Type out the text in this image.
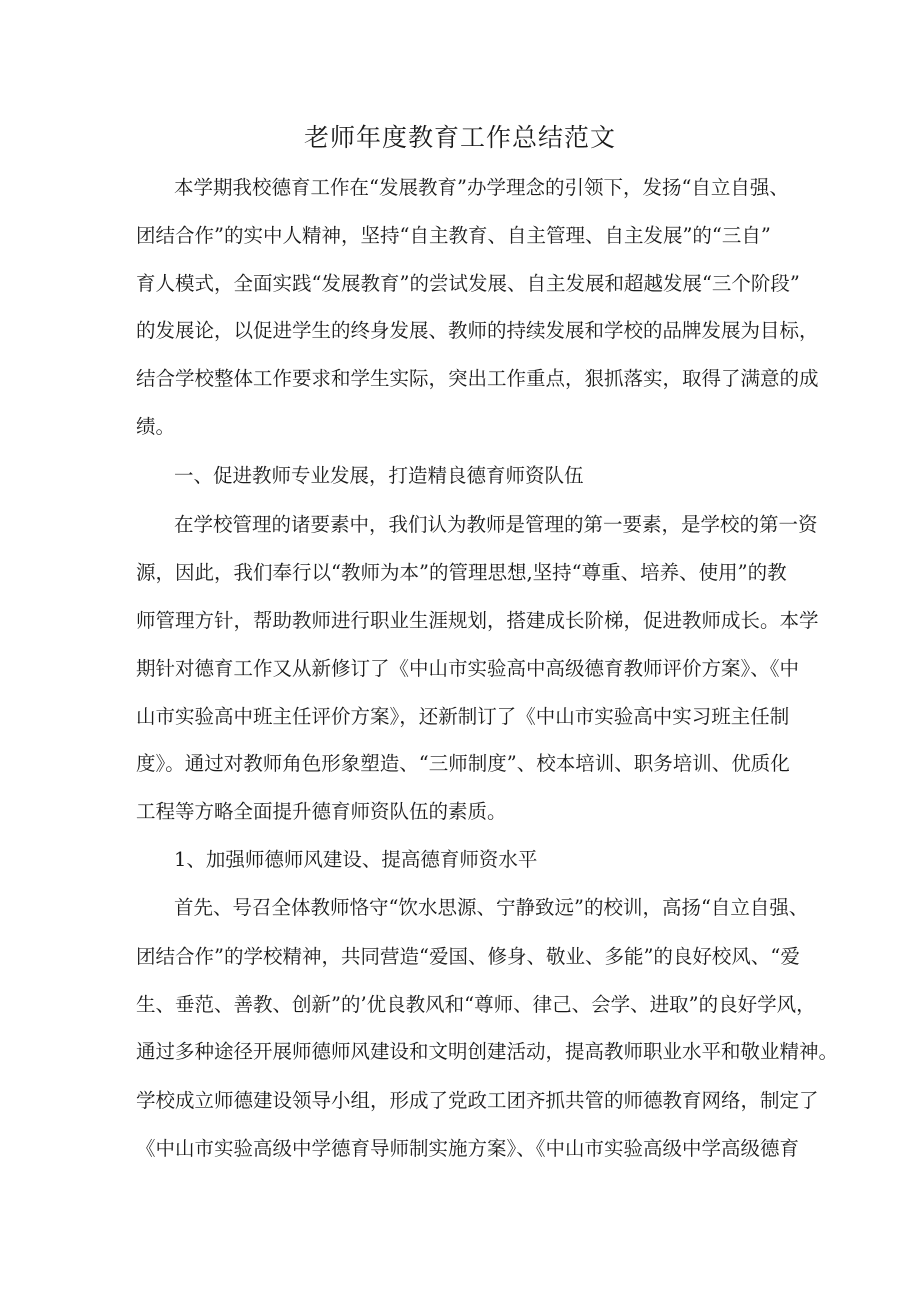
老师年度教育工作总结范文
本学期我校德育工作在“发展教育”办学理念的引领下，发扬“自立自强、
团结合作”的实中人精神，坚持“自主教育、自主管理、自主发展”的“三自”
育人模式，全面实践“发展教育”的尝试发展、自主发展和超越发展“三个阶段”
的发展论，以促进学生的终身发展、教师的持续发展和学校的品牌发展为目标，
结合学校整体工作要求和学生实际，突出工作重点，狠抓落实，取得了满意的成
绩。
一、促进教师专业发展，打造精良德育师资队伍
在学校管理的诸要素中，我们认为教师是管理的第一要素，是学校的第一资
源，因此，我们奉行以“教师为本”的管理思想,坚持“尊重、培养、使用”的教
师管理方针，帮助教师进行职业生涯规划，搭建成长阶梯，促进教师成长。本学
期针对德育工作又从新修订了《中山市实验高中高级德育教师评价方案》、《中
山市实验高中班主任评价方案》，还新制订了《中山市实验高中实习班主任制
度》。通过对教师角色形象塑造、“三师制度”、校本培训、职务培训、优质化
工程等方略全面提升德育师资队伍的素质。
1、加强师德师风建设、提高德育师资水平
首先、号召全体教师恪守“饮水思源、宁静致远”的校训，高扬“自立自强、
团结合作”的学校精神，共同营造“爱国、修身、敬业、多能”的良好校风、“爱
生、垂范、善教、创新”的’优良教风和“尊师、律己、会学、进取”的良好学风，
通过多种途径开展师德师风建设和文明创建活动，提高教师职业水平和敬业精神。
学校成立师德建设领导小组，形成了党政工团齐抓共管的师德教育网络，制定了
《中山市实验高级中学德育导师制实施方案》、《中山市实验高级中学高级德育
